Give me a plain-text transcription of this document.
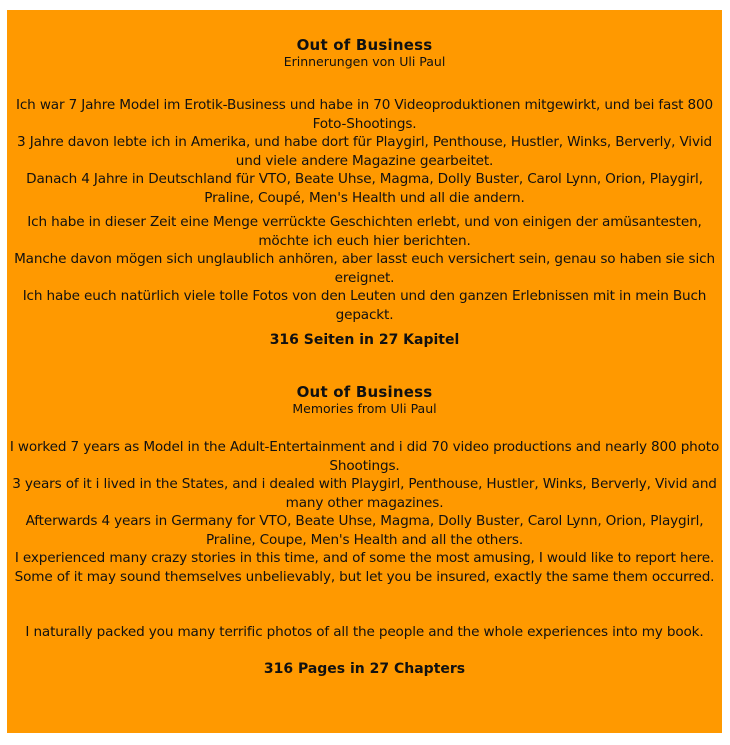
Out of Business
Erinnerungen von Uli Paul

Ich war 7 Jahre Model im Erotik-Business und habe in 70 Videoproduktionen mitgewirkt, und bei fast 800 Foto-Shootings.

3 Jahre davon lebte ich in Amerika, und habe dort für Playgirl, Penthouse, Hustler, Winks, Berverly, Vivid und viele andere Magazine gearbeitet.

Danach 4 Jahre in Deutschland für VTO, Beate Uhse, Magma, Dolly Buster, Carol Lynn, Orion, Playgirl, Praline, Coupé, Men's Health und all die andern.

Ich habe in dieser Zeit eine Menge verrückte Geschichten erlebt, und von einigen der amüsantesten, möchte ich euch hier berichten.

Manche davon mögen sich unglaublich anhören, aber lasst euch versichert sein, genau so haben sie sich ereignet.

Ich habe euch natürlich viele tolle Fotos von den Leuten und den ganzen Erlebnissen mit in mein Buch gepackt.

316 Seiten in 27 Kapitel
Out of Business
Memories from Uli Paul

I worked 7 years as Model in the Adult-Entertainment and i did 70 video productions and nearly 800 photo Shootings.

3 years of it i lived in the States, and i dealed with Playgirl, Penthouse, Hustler, Winks, Berverly, Vivid and many other magazines.

Afterwards 4 years in Germany for VTO, Beate Uhse, Magma, Dolly Buster, Carol Lynn, Orion, Playgirl, Praline, Coupe, Men's Health and all the others.

I experienced many crazy stories in this time, and of some the most amusing, I would like to report here.

Some of it may sound themselves unbelievably, but let you be insured, exactly the same them occurred.

I naturally packed you many terrific photos of all the people and the whole experiences into my book.

316 Pages in 27 Chapters
